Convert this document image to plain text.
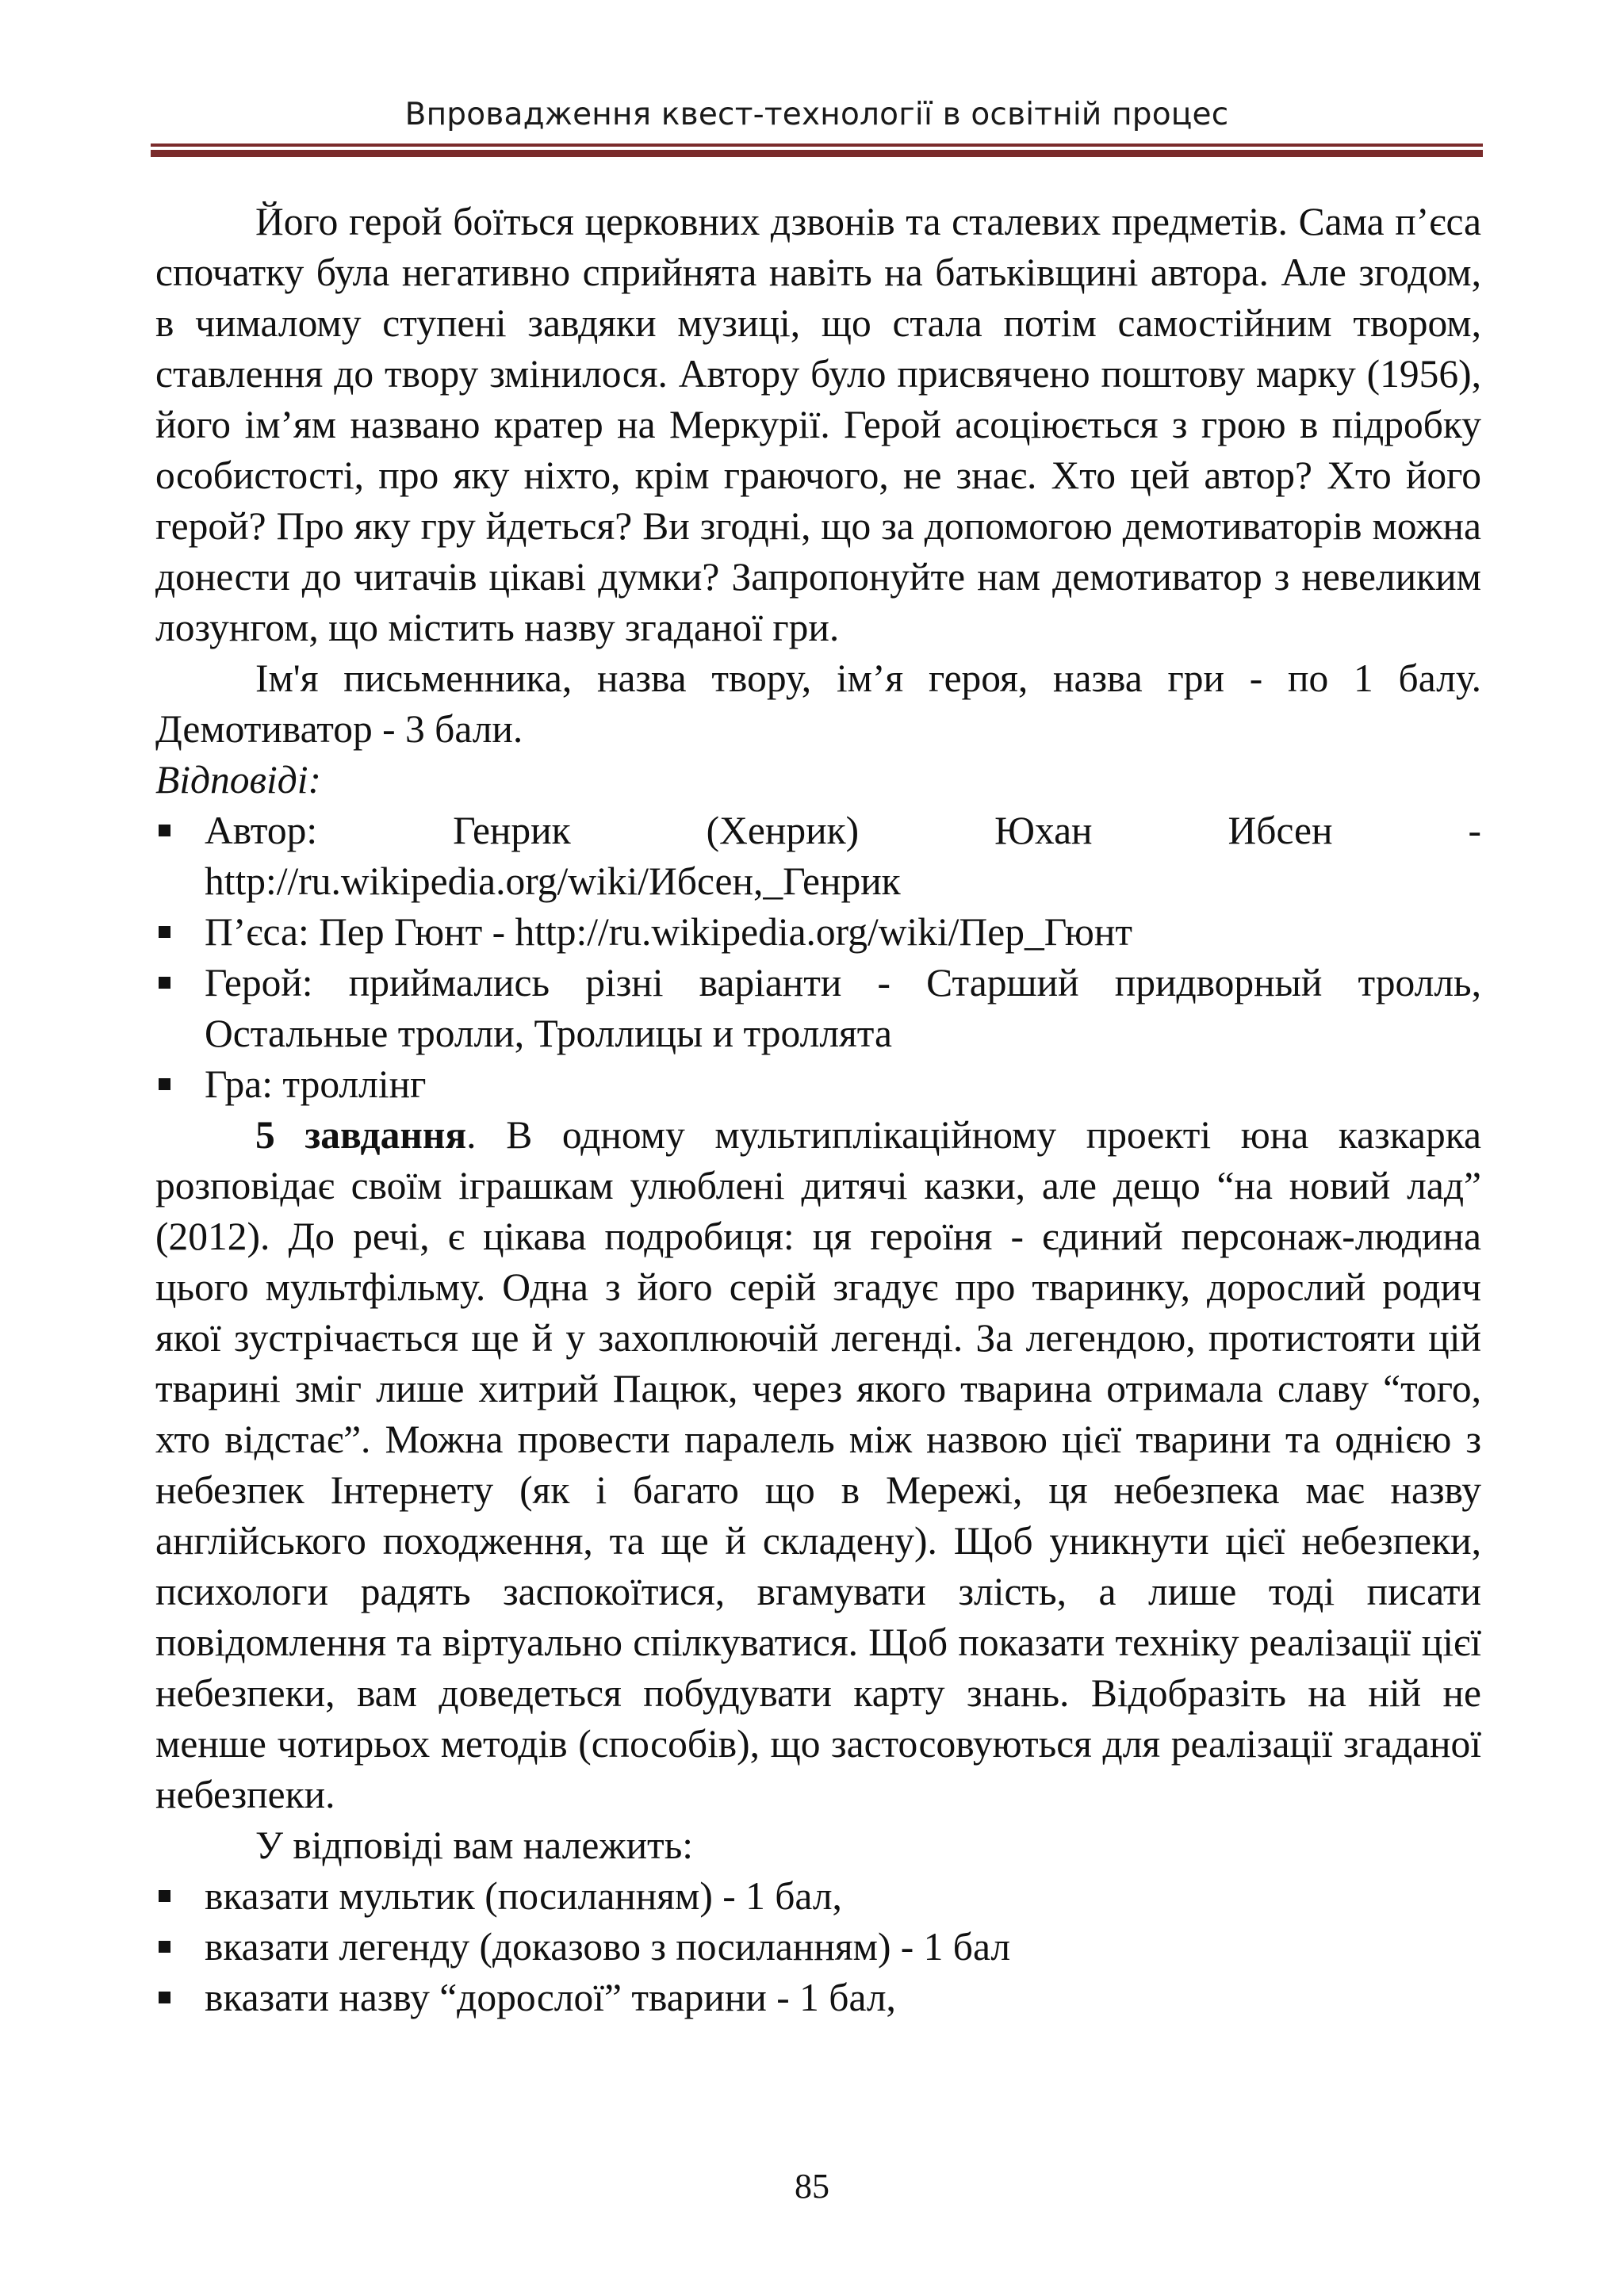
Впровадження квест-технології в освітній процес

Його герой боїться церковних дзвонів та сталевих предметів. Сама п’єса спочатку була негативно сприйнята навіть на батьківщині автора. Але згодом, в чималому ступені завдяки музиці, що стала потім самостійним твором, ставлення до твору змінилося. Автору було присвячено поштову марку (1956), його ім’ям названо кратер на Меркурії. Герой асоціюється з грою в підробку особистості, про яку ніхто, крім граючого, не знає. Хто цей автор? Хто його герой? Про яку гру йдеться? Ви згодні, що за допомогою демотиваторів можна донести до читачів цікаві думки? Запропонуйте нам демотиватор з невеликим лозунгом, що містить назву згаданої гри.

Ім'я письменника, назва твору, ім’я героя, назва гри - по 1 балу. Демотиватор - 3 бали.

Відповіді:

Автор:	Генрик	(Хенрик)	Юхан	Ибсен	-
http://ru.wikipedia.org/wiki/Ибсен,_Генрик
П’єса: Пер Гюнт - http://ru.wikipedia.org/wiki/Пер_Гюнт
Герой: приймались різні варіанти - Старший придворный тролль, Остальные тролли, Троллицы и троллята
Гра: троллінг

5 завдання. В одному мультиплікаційному проекті юна казкарка розповідає своїм іграшкам улюблені дитячі казки, але дещо “на новий лад” (2012). До речі, є цікава подробиця: ця героїня - єдиний персонаж-людина цього мультфільму. Одна з його серій згадує про тваринку, дорослий родич якої зустрічається ще й у захоплюючій легенді. За легендою, протистояти цій тварині зміг лише хитрий Пацюк, через якого тварина отримала славу “того, хто відстає”. Можна провести паралель між назвою цієї тварини та однією з небезпек Інтернету (як і багато що в Мережі, ця небезпека має назву англійського походження, та ще й складену). Щоб уникнути цієї небезпеки, психологи радять заспокоїтися, вгамувати злість, а лише тоді писати повідомлення та віртуально спілкуватися. Щоб показати техніку реалізації цієї небезпеки, вам доведеться побудувати карту знань. Відобразіть на ній не менше чотирьох методів (способів), що застосовуються для реалізації згаданої небезпеки.

У відповіді вам належить:

вказати мультик (посиланням) - 1 бал,
вказати легенду (доказово з посиланням) - 1 бал
вказати назву “дорослої” тварини - 1 бал,
85
